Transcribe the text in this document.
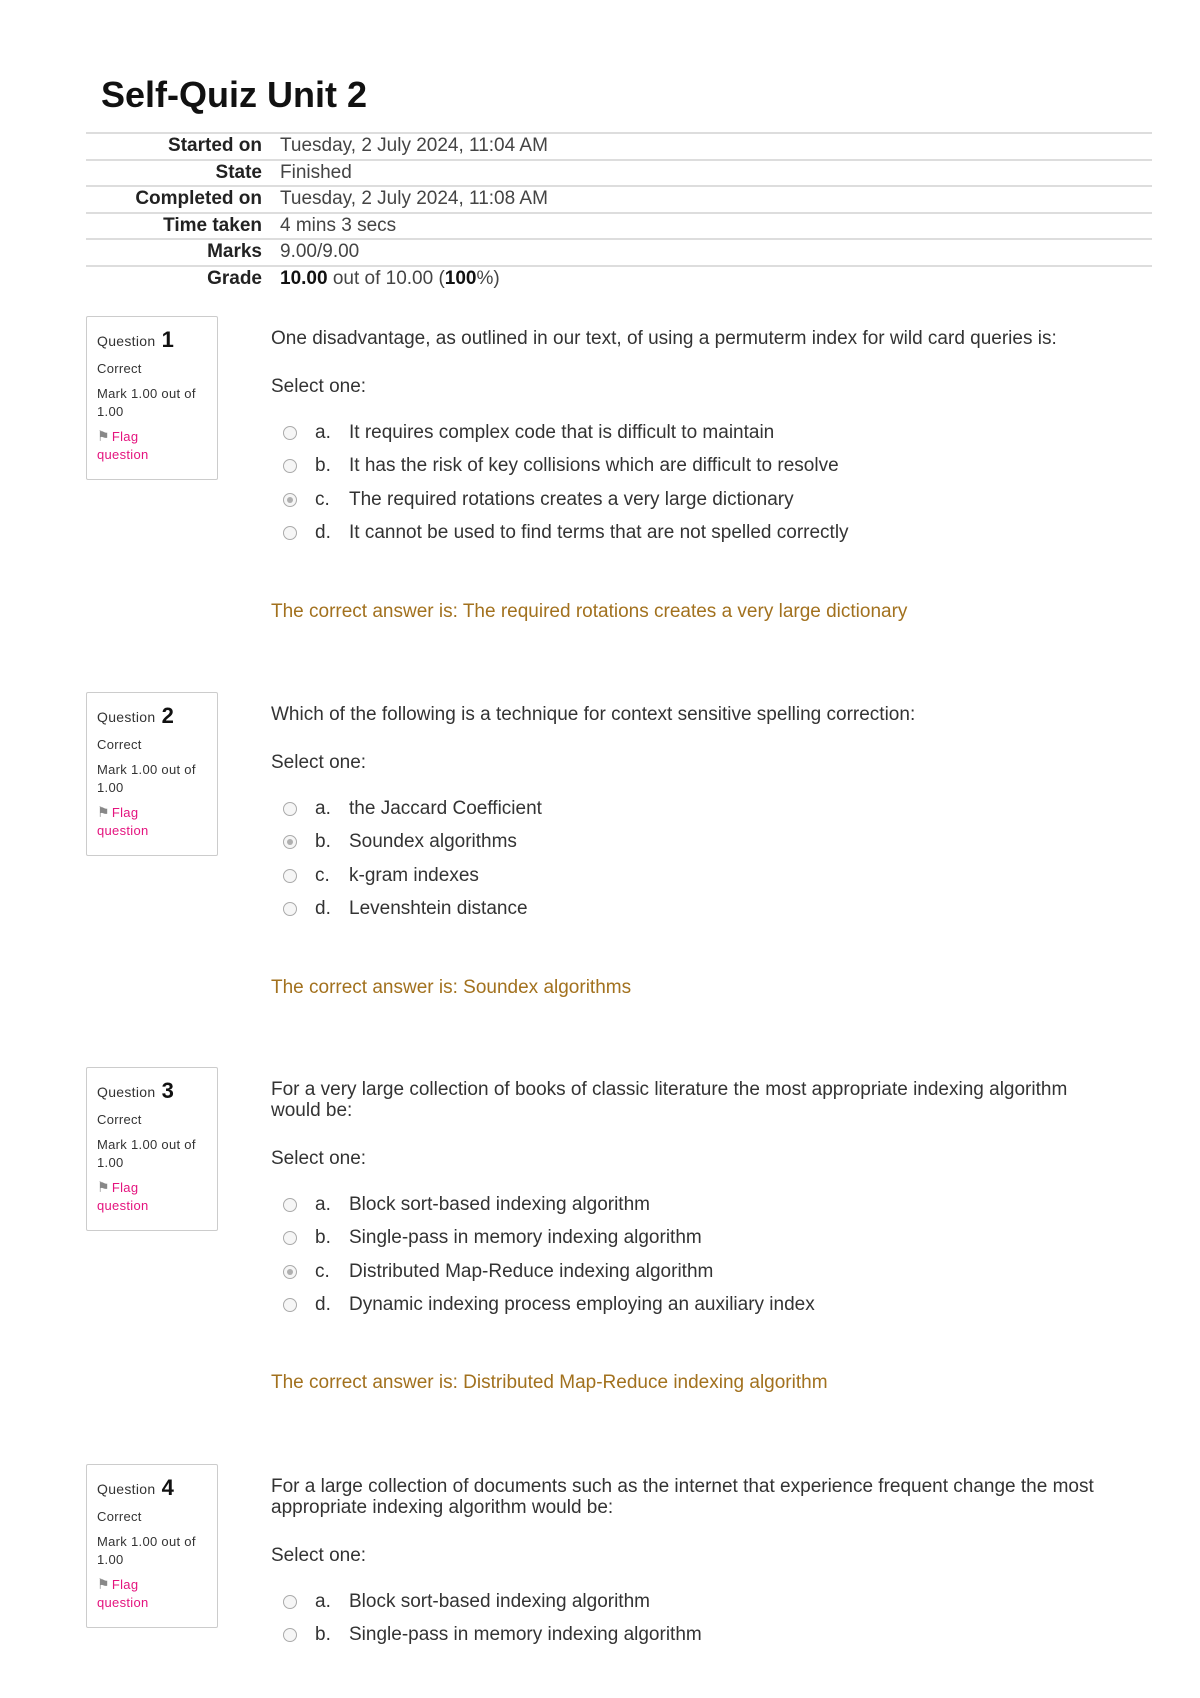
Self-Quiz Unit 2
Started on Tuesday, 2 July 2024, 11:04 AM
State Finished
Completed on Tuesday, 2 July 2024, 11:08 AM
Time taken 4 mins 3 secs
Marks 9.00/9.00
Grade 10.00 out of 10.00 (100%)
Question 1
Correct
Mark 1.00 out of 1.00
⚑ Flag
question
One disadvantage, as outlined in our text, of using a permuterm index for wild card queries is:
Select one:
a. It requires complex code that is difficult to maintain
b. It has the risk of key collisions which are difficult to resolve
c.	The required rotations creates a very large dictionary
d. It cannot be used to find terms that are not spelled correctly
The correct answer is: The required rotations creates a very large dictionary
Question 2
Correct
Mark 1.00 out of 1.00
⚑ Flag
question
Which of the following is a technique for context sensitive spelling correction:
Select one:
a. the Jaccard Coefficient
b. Soundex algorithms
c.	k-gram indexes
d. Levenshtein distance
The correct answer is: Soundex algorithms
Question 3
Correct
Mark 1.00 out of 1.00
⚑ Flag
question
For a very large collection of books of classic literature the most appropriate indexing algorithm would be:
Select one:
a. Block sort-based indexing algorithm
b. Single-pass in memory indexing algorithm
c.	Distributed Map-Reduce indexing algorithm
d. Dynamic indexing process employing an auxiliary index
The correct answer is: Distributed Map-Reduce indexing algorithm
Question 4
Correct
Mark 1.00 out of 1.00
⚑ Flag
question
For a large collection of documents such as the internet that experience frequent change the most appropriate indexing algorithm would be:
Select one:
a. Block sort-based indexing algorithm
b. Single-pass in memory indexing algorithm
